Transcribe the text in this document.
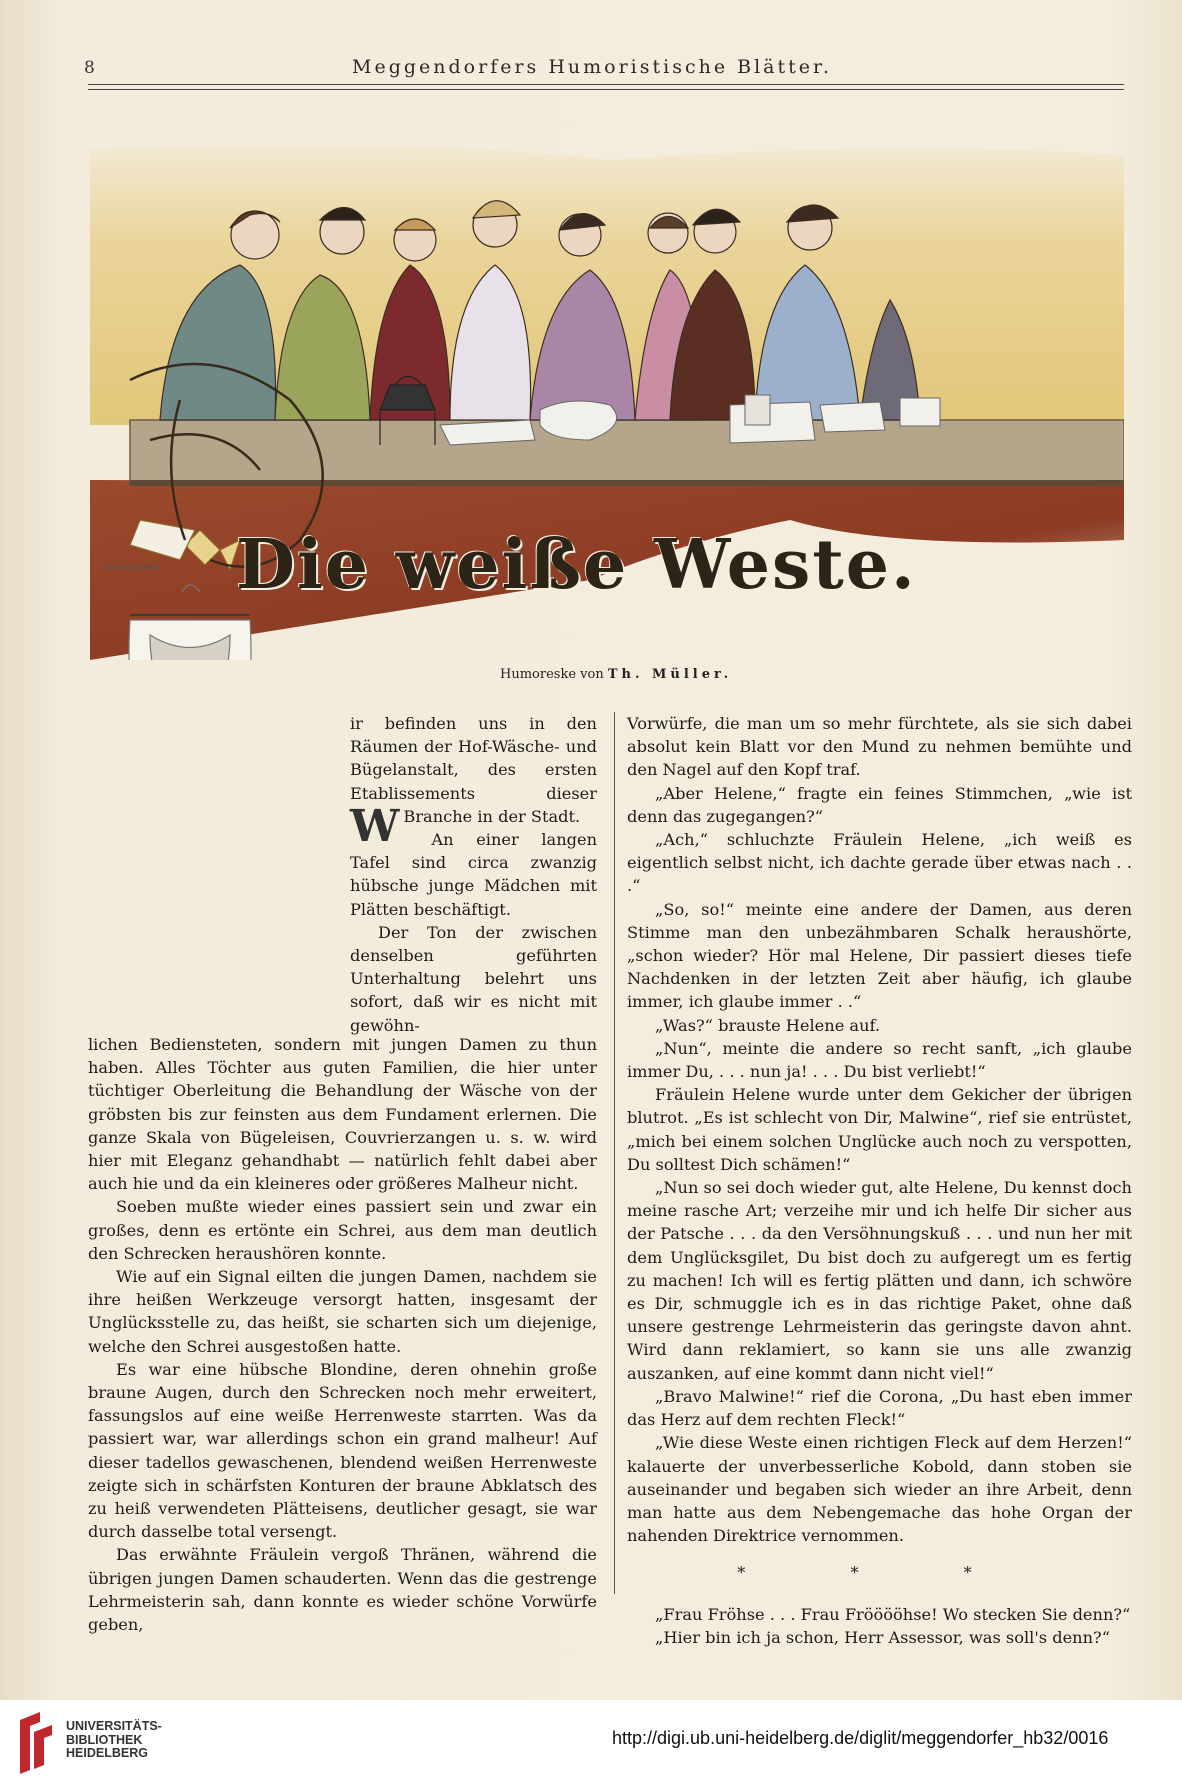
8	Meggendorfers Humoristische Blätter.
Meinharthein Die weiße Weste.
Humoreske von Th. Müller.

ir befinden uns in den Räumen der Hof-Wäsche- und Bügelanstalt, des ersten Etablissements dieser Branche in der Stadt.
W	An einer langen Tafel sind circa zwanzig hübsche junge Mädchen mit Plätten beschäftigt.

Der Ton der zwischen denselben geführten Unterhaltung belehrt uns sofort, daß wir es nicht mit gewöhn-

lichen Bediensteten, sondern mit jungen Damen zu thun haben. Alles Töchter aus guten Familien, die hier unter tüchtiger Oberleitung die Behandlung der Wäsche von der gröbsten bis zur feinsten aus dem Fundament erlernen. Die ganze Skala von Bügeleisen, Couvrierzangen u. s. w. wird hier mit Eleganz gehandhabt — natürlich fehlt dabei aber auch hie und da ein kleineres oder größeres Malheur nicht.

Soeben mußte wieder eines passiert sein und zwar ein großes, denn es ertönte ein Schrei, aus dem man deutlich den Schrecken heraushören konnte.

Wie auf ein Signal eilten die jungen Damen, nachdem sie ihre heißen Werkzeuge versorgt hatten, insgesamt der Unglücksstelle zu, das heißt, sie scharten sich um diejenige, welche den Schrei ausgestoßen hatte.

Es war eine hübsche Blondine, deren ohnehin große braune Augen, durch den Schrecken noch mehr erweitert, fassungslos auf eine weiße Herrenweste starrten. Was da passiert war, war allerdings schon ein grand malheur! Auf dieser tadellos gewaschenen, blendend weißen Herrenweste zeigte sich in schärfsten Konturen der braune Abklatsch des zu heiß verwendeten Plätteisens, deutlicher gesagt, sie war durch dasselbe total versengt.

Das erwähnte Fräulein vergoß Thränen, während die übrigen jungen Damen schauderten. Wenn das die gestrenge Lehrmeisterin sah, dann konnte es wieder schöne Vorwürfe geben,

Vorwürfe, die man um so mehr fürchtete, als sie sich dabei absolut kein Blatt vor den Mund zu nehmen bemühte und den Nagel auf den Kopf traf.

„Aber Helene,“ fragte ein feines Stimmchen, „wie ist denn das zugegangen?“

„Ach,“ schluchzte Fräulein Helene, „ich weiß es eigentlich selbst nicht, ich dachte gerade über etwas nach . . .“

„So, so!“ meinte eine andere der Damen, aus deren Stimme man den unbezähmbaren Schalk heraushörte, „schon wieder? Hör mal Helene, Dir passiert dieses tiefe Nachdenken in der letzten Zeit aber häufig, ich glaube immer, ich glaube immer . .“

„Was?“ brauste Helene auf.

„Nun“, meinte die andere so recht sanft, „ich glaube immer Du, . . . nun ja! . . . Du bist verliebt!“

Fräulein Helene wurde unter dem Gekicher der übrigen blutrot. „Es ist schlecht von Dir, Malwine“, rief sie entrüstet, „mich bei einem solchen Unglücke auch noch zu verspotten, Du solltest Dich schämen!“

„Nun so sei doch wieder gut, alte Helene, Du kennst doch meine rasche Art; verzeihe mir und ich helfe Dir sicher aus der Patsche . . . da den Versöhnungskuß . . . und nun her mit dem Unglücksgilet, Du bist doch zu aufgeregt um es fertig zu machen! Ich will es fertig plätten und dann, ich schwöre es Dir, schmuggle ich es in das richtige Paket, ohne daß unsere gestrenge Lehrmeisterin das geringste davon ahnt. Wird dann reklamiert, so kann sie uns alle zwanzig auszanken, auf eine kommt dann nicht viel!“

„Bravo Malwine!“ rief die Corona, „Du hast eben immer das Herz auf dem rechten Fleck!“

„Wie diese Weste einen richtigen Fleck auf dem Herzen!“ kalauerte der unverbesserliche Kobold, dann stoben sie auseinander und begaben sich wieder an ihre Arbeit, denn man hatte aus dem Nebengemache das hohe Organ der nahenden Direktrice vernommen.

* * *

„Frau Fröhse . . . Frau Frööööhse! Wo stecken Sie denn?“

„Hier bin ich ja schon, Herr Assessor, was soll's denn?“

UNIVERSITÄTS-
BIBLIOTHEK
HEIDELBERG
http://digi.ub.uni-heidelberg.de/diglit/meggendorfer_hb32/0016
